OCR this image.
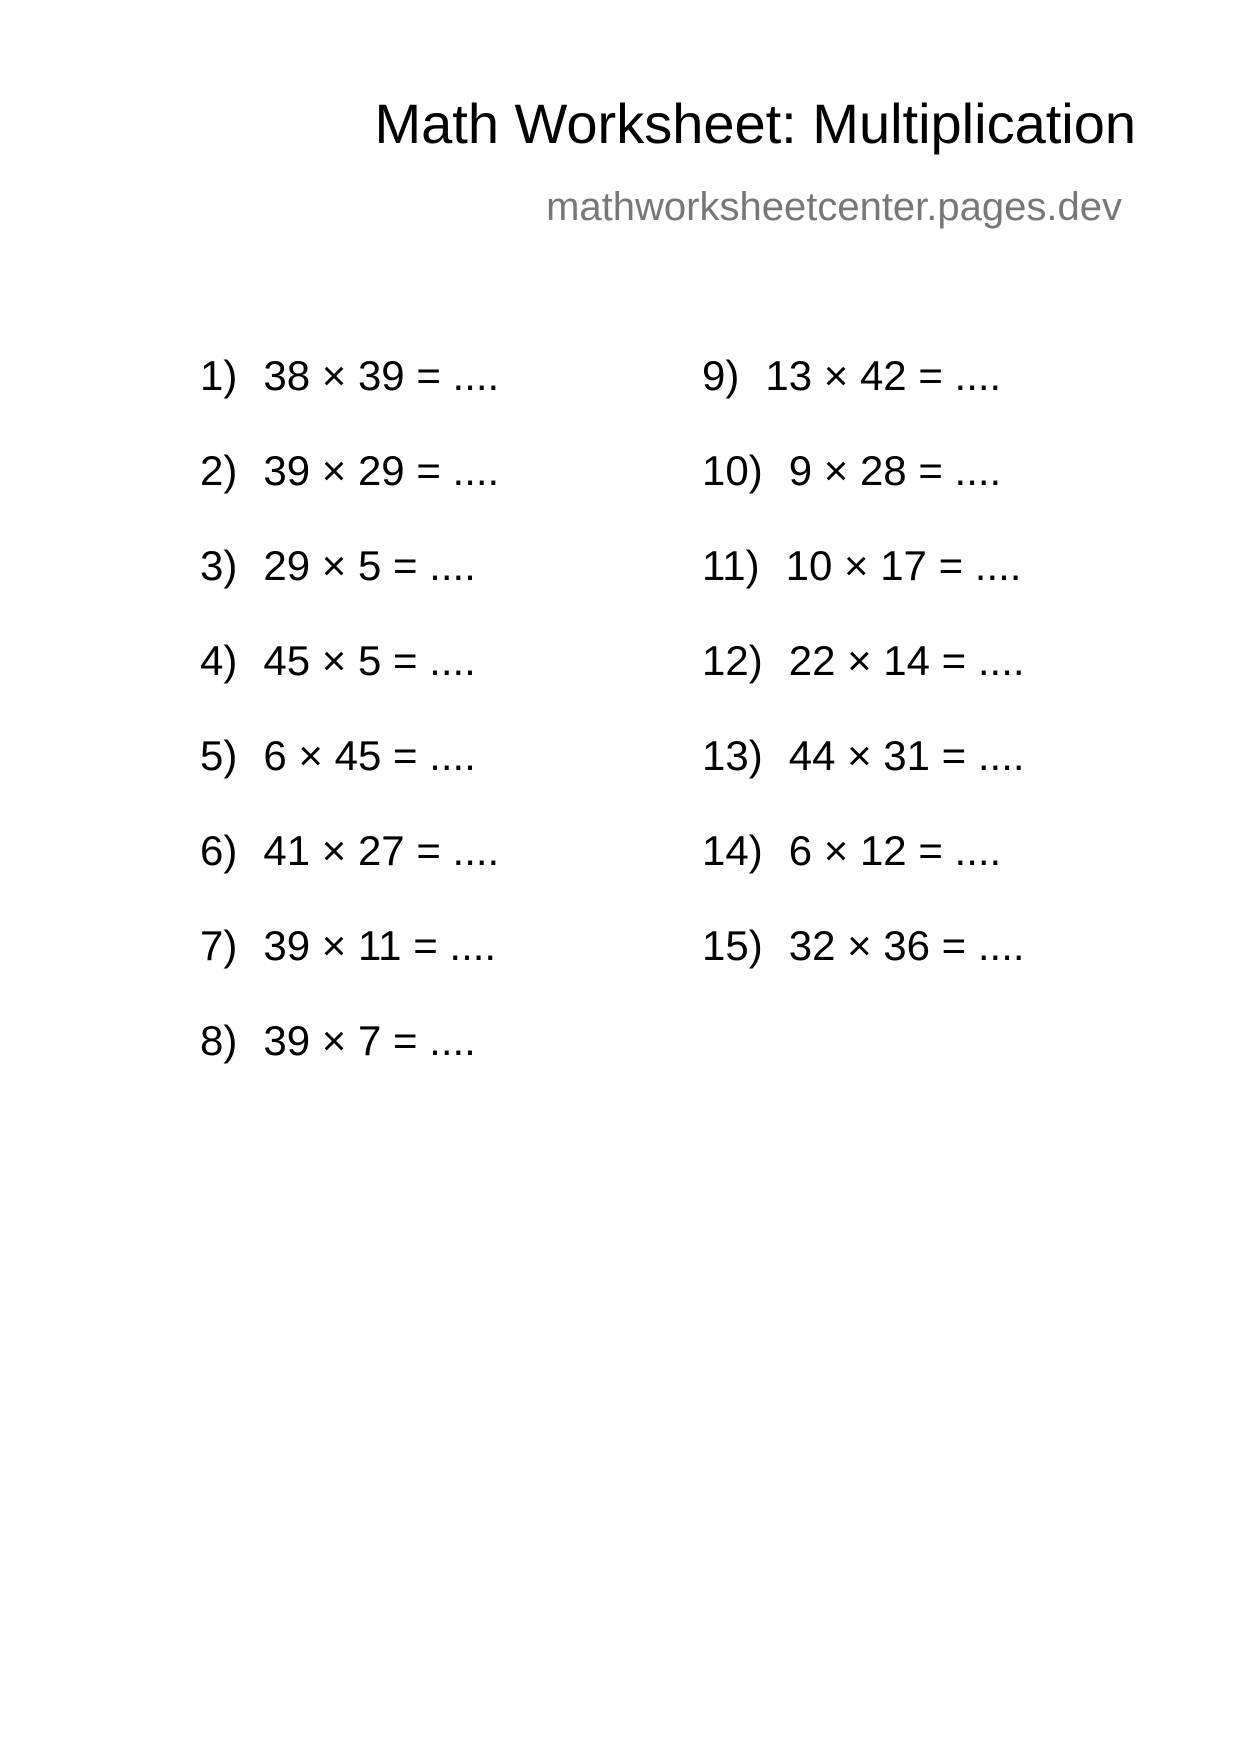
Math Worksheet: Multiplication
mathworksheetcenter.pages.dev
1 ) 38 × 39 = ....
2 ) 39 × 29 = ....
3 ) 29 × 5 = ....
4 ) 45 × 5 = ....
5 ) 6 × 45 = ....
6 ) 41 × 27 = ....
7 ) 39 × 11 = ....
8 ) 39 × 7 = ....
9 ) 13 × 42 = ....
10 ) 9 × 28 = ....
11 ) 10 × 17 = ....
12 ) 22 × 14 = ....
13 ) 44 × 31 = ....
14 ) 6 × 12 = ....
15 ) 32 × 36 = ....
